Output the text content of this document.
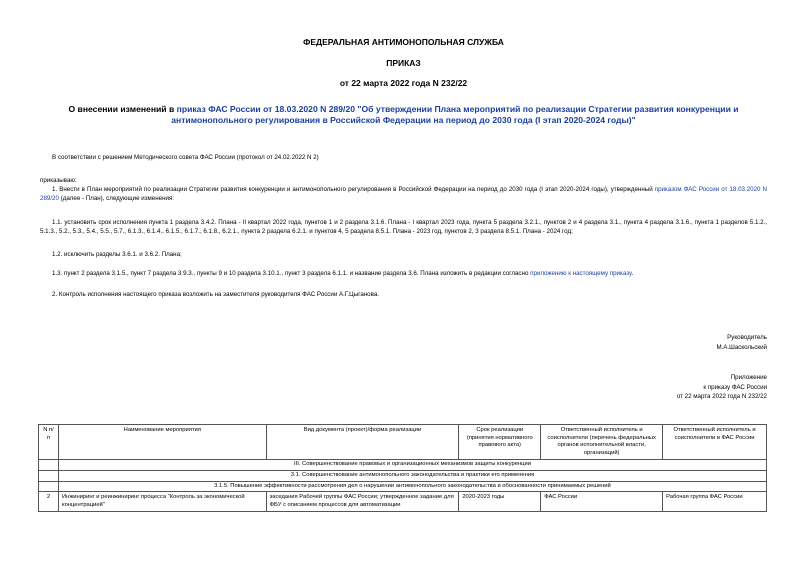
ФЕДЕРАЛЬНАЯ АНТИМОНОПОЛЬНАЯ СЛУЖБА
ПРИКАЗ
от 22 марта 2022 года N 232/22
О внесении изменений в приказ ФАС России от 18.03.2020 N 289/20 "Об утверждении Плана мероприятий по реализации Стратегии развития конкуренции и антимонопольного регулирования в Российской Федерации на период до 2030 года (I этап 2020-2024 годы)"
В соответствии с решением Методического совета ФАС России (протокол от 24.02.2022 N 2)
приказываю:
1. Внести в План мероприятий по реализации Стратегии развития конкуренции и антимонопольного регулирования в Российской Федерации на период до 2030 года (I этап 2020-2024 годы), утвержденный приказом ФАС России от 18.03.2020 N 289/20 (далее - План), следующие изменения:
1.1. установить срок исполнения пункта 1 раздела 3.4.2. Плана - II квартал 2022 года, пунктов 1 и 2 раздела 3.1.6. Плана - I квартал 2023 года, пункта 5 раздела 3.2.1., пунктов 2 и 4 раздела 3.1., пункта 4 раздела 3.1.6., пункта 1 разделов 5.1.2., 5.1.3., 5.2., 5.3., 5.4., 5.5., 5.7., 6.1.3., 6.1.4., 6.1.5., 6.1.7., 6.1.8., 6.2.1., пункта 2 раздела 6.2.1. и пунктов 4, 5 раздела 8.5.1. Плана - 2023 год, пунктов 2, 3 раздела 8.5.1. Плана - 2024 год;
1.2. исключить разделы 3.6.1. и 3.6.2. Плана;
1.3. пункт 2 раздела 3.1.5., пункт 7 раздела 3.9.3., пункты 9 и 10 раздела 3.10.1., пункт 3 раздела 6.1.1. и название раздела 3.6. Плана изложить в редакции согласно приложению к настоящему приказу.
2. Контроль исполнения настоящего приказа возложить на заместителя руководителя ФАС России А.Г.Цыганова.
Руководитель
М.А.Шаскольский
Приложение
к приказу ФАС России
от 22 марта 2022 года N 232/22
N п/п	Наименование мероприятия	Вид документа (проект)/форма реализации	Срок реализации (принятия нормативного правового акта)	Ответственный исполнитель и соисполнители (перечень федеральных органов исполнительной власти, организаций)	Ответственный исполнитель и соисполнители в ФАС России
	III. Совершенствование правовых и организационных механизмов защиты конкуренции				
	3.1. Совершенствование антимонопольного законодательства и практики его применения				
	3.1.5. Повышение эффективности рассмотрения дел о нарушении антимонопольного законодательства и обоснованности принимаемых решений				
2	Инжиниринг и реинжиниринг процесса "Контроль за экономической концентрацией"	заседания Рабочей группы ФАС России; утвержденное задание для ФБУ с описанием процессов для автоматизации	2020-2023 годы	ФАС России	Рабочая группа ФАС России
